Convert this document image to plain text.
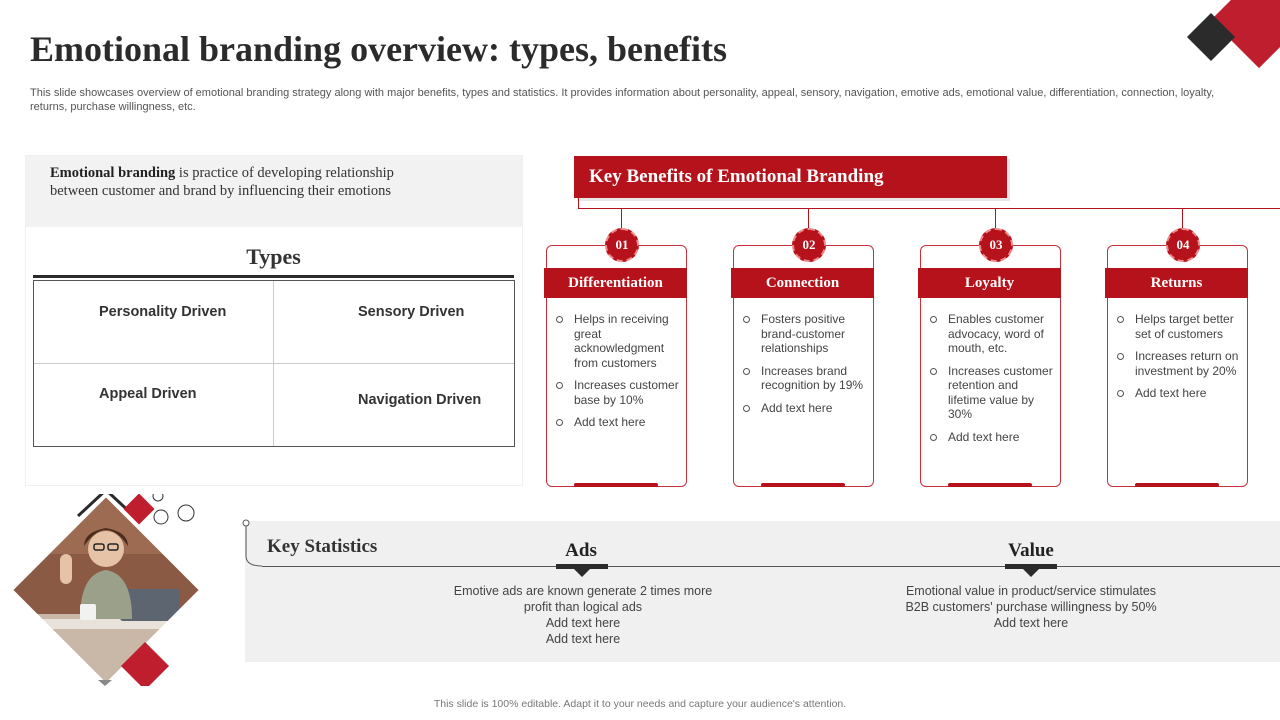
Emotional branding overview: types, benefits

This slide showcases overview of emotional branding strategy along with major benefits, types and statistics. It provides information about personality, appeal, sensory, navigation, emotive ads, emotional value, differentiation, connection, loyalty, returns, purchase willingness, etc.

Emotional branding is practice of developing relationship between customer and brand by influencing their emotions
Types
Personality Driven	Sensory Driven
Appeal Driven	Navigation Driven
Key Benefits of Emotional Branding
01
Differentiation
Helps in receiving great acknowledgment from customers
Increases customer base by 10%
Add text here
02
Connection
Fosters positive brand-customer relationships
Increases brand recognition by 19%
Add text here
03
Loyalty
Enables customer advocacy, word of mouth, etc.
Increases customer retention and lifetime value by 30%
Add text here
04
Returns
Helps target better set of customers
Increases return on investment by 20%
Add text here
Key Statistics	Ads
Emotive ads are known generate 2 times more profit than logical ads
Add text here
Add text here
Value
Emotional value in product/service stimulates B2B customers' purchase willingness by 50%
Add text here
This slide is 100% editable. Adapt it to your needs and capture your audience's attention.
